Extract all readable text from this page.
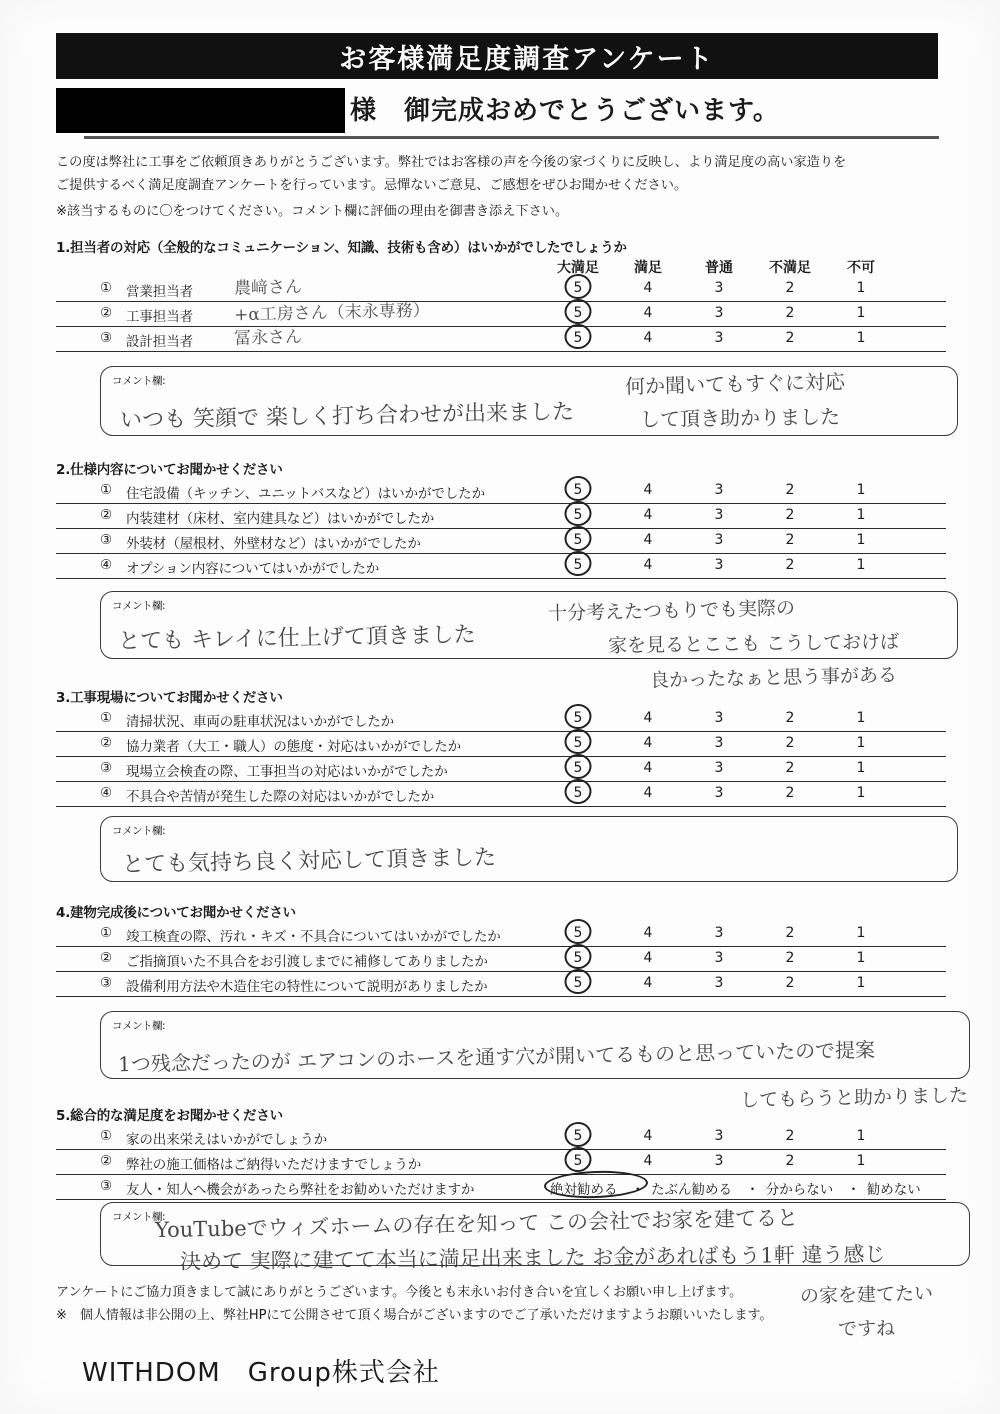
お客様満足度調査アンケート
様　御完成おめでとうございます。

この度は弊社に工事をご依頼頂きありがとうございます。弊社ではお客様の声を今後の家づくりに反映し、より満足度の高い家造りを

ご提供するべく満足度調査アンケートを行っています。忌憚ないご意見、ご感想をぜひお聞かせください。

※該当するものに〇をつけてください。コメント欄に評価の理由を御書き添え下さい。

1.担当者の対応（全般的なコミュニケーション、知識、技術も含め）はいかがでしたでしょうか
大満足	満足	普通	不満足	不可
① 営業担当者 農﨑さん	5	4	3	2	1
② 工事担当者 +α工房さん（末永専務）	5	4	3	2	1
③ 設計担当者 冨永さん	5	4	3	2	1
コメント欄:
いつも 笑顔で 楽しく打ち合わせが出来ました
何か聞いてもすぐに対応
して頂き助かりました
2.仕様内容についてお聞かせください
① 住宅設備（キッチン、ユニットバスなど）はいかがでしたか	5	4	3	2	1
② 内装建材（床材、室内建具など）はいかがでしたか	5	4	3	2	1
③ 外装材（屋根材、外壁材など）はいかがでしたか	5	4	3	2	1
④ オプション内容についてはいかがでしたか	5	4	3	2	1
コメント欄:
とても キレイに仕上げて頂きました
十分考えたつもりでも実際の
家を見るとここも こうしておけば
良かったなぁと思う事がある
3.工事現場についてお聞かせください
① 清掃状況、車両の駐車状況はいかがでしたか	5	4	3	2	1
② 協力業者（大工・職人）の態度・対応はいかがでしたか	5	4	3	2	1
③ 現場立会検査の際、工事担当の対応はいかがでしたか	5	4	3	2	1
④ 不具合や苦情が発生した際の対応はいかがでしたか	5	4	3	2	1
コメント欄:
とても気持ち良く対応して頂きました
4.建物完成後についてお聞かせください
① 竣工検査の際、汚れ・キズ・不具合についてはいかがでしたか	5	4	3	2	1
② ご指摘頂いた不具合をお引渡しまでに補修してありましたか	5	4	3	2	1
③ 設備利用方法や木造住宅の特性について説明がありましたか	5	4	3	2	1
コメント欄:
1つ残念だったのが エアコンのホースを通す穴が開いてるものと思っていたので提案
してもらうと助かりました
5.総合的な満足度をお聞かせください
① 家の出来栄えはいかがでしょうか	5	4	3	2	1
② 弊社の施工価格はご納得いただけますでしょうか	5	4	3	2	1
③ 友人・知人へ機会があったら弊社をお勧めいただけますか	絶対勧める ・ たぶん勧める ・ 分からない ・ 勧めない
コメント欄:
YouTubeでウィズホームの存在を知って この会社でお家を建てると
決めて 実際に建てて本当に満足出来ました お金があればもう1軒 違う感じ
の家を建てたい
ですね
アンケートにご協力頂きまして誠にありがとうございます。今後とも末永いお付き合いを宜しくお願い申し上げます。
※　個人情報は非公開の上、弊社HPにて公開させて頂く場合がございますのでご了承いただけますようお願いいたします。
WITHDOM　Group株式会社
